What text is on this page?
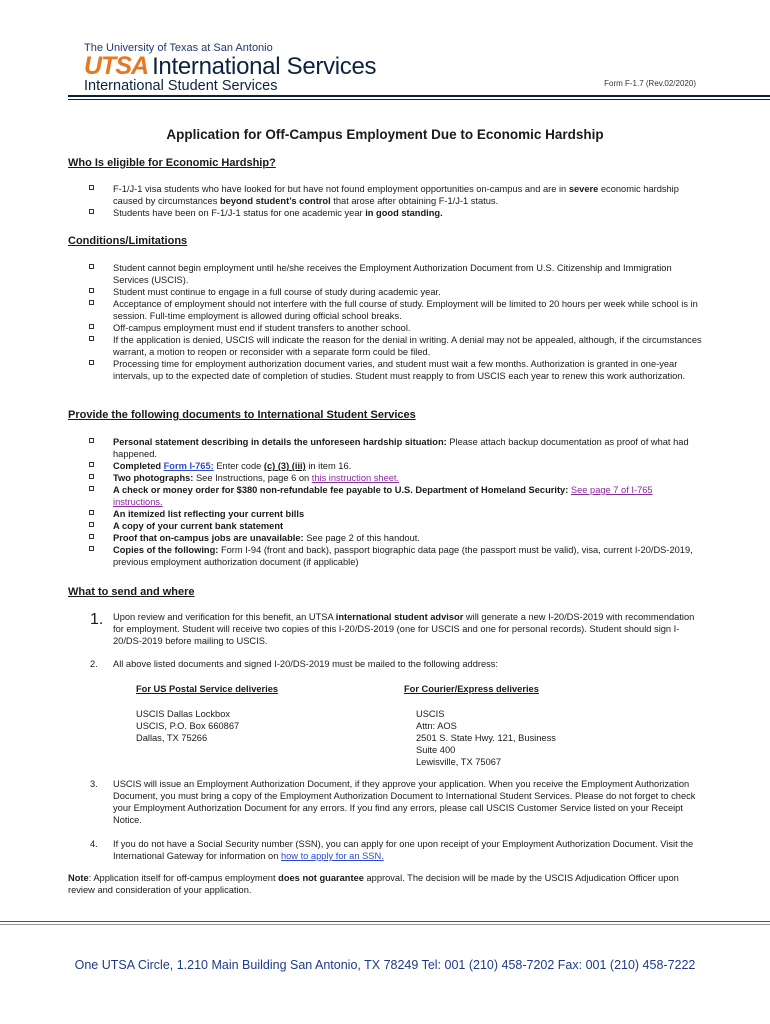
The University of Texas at San Antonio
UTSA International Services
International Student Services	Form F-1.7 (Rev.02/2020)
Application for Off-Campus Employment Due to Economic Hardship
Who Is eligible for Economic Hardship?
F-1/J-1 visa students who have looked for but have not found employment opportunities on-campus and are in severe economic hardship caused by circumstances beyond student’s control that arose after obtaining F-1/J-1 status.
Students have been on F-1/J-1 status for one academic year in good standing.
Conditions/Limitations
Student cannot begin employment until he/she receives the Employment Authorization Document from U.S. Citizenship and Immigration Services (USCIS).
Student must continue to engage in a full course of study during academic year.
Acceptance of employment should not interfere with the full course of study. Employment will be limited to 20 hours per week while school is in session. Full-time employment is allowed during official school breaks.
Off-campus employment must end if student transfers to another school.
If the application is denied, USCIS will indicate the reason for the denial in writing. A denial may not be appealed, although, if the circumstances warrant, a motion to reopen or reconsider with a separate form could be filed.
Processing time for employment authorization document varies, and student must wait a few months. Authorization is granted in one-year intervals, up to the expected date of completion of studies. Student must reapply to from USCIS each year to renew this work authorization.
Provide the following documents to International Student Services
Personal statement describing in details the unforeseen hardship situation: Please attach backup documentation as proof of what had happened.
Completed Form I-765: Enter code (c) (3) (iii) in item 16.
Two photographs: See Instructions, page 6 on this instruction sheet.
A check or money order for $380 non-refundable fee payable to U.S. Department of Homeland Security: See page 7 of I-765 instructions.
An itemized list reflecting your current bills
A copy of your current bank statement
Proof that on-campus jobs are unavailable: See page 2 of this handout.
Copies of the following: Form I-94 (front and back), passport biographic data page (the passport must be valid), visa, current I-20/DS-2019, previous employment authorization document (if applicable)
What to send and where
1. Upon review and verification for this benefit, an UTSA international student advisor will generate a new I-20/DS-2019 with recommendation for employment. Student will receive two copies of this I-20/DS-2019 (one for USCIS and one for personal records). Student should sign I-20/DS-2019 before mailing to USCIS.
2. All above listed documents and signed I-20/DS-2019 must be mailed to the following address:
For US Postal Service deliveries
USCIS Dallas Lockbox
USCIS, P.O. Box 660867
Dallas, TX 75266
For Courier/Express deliveries
USCIS
Attn: AOS
2501 S. State Hwy. 121, Business
Suite 400
Lewisville, TX 75067
3. USCIS will issue an Employment Authorization Document, if they approve your application. When you receive the Employment Authorization Document, you must bring a copy of the Employment Authorization Document to International Student Services. Please do not forget to check your Employment Authorization Document for any errors. If you find any errors, please call USCIS Customer Service listed on your Receipt Notice.
4. If you do not have a Social Security number (SSN), you can apply for one upon receipt of your Employment Authorization Document. Visit the International Gateway for information on how to apply for an SSN.
Note: Application itself for off-campus employment does not guarantee approval. The decision will be made by the USCIS Adjudication Officer upon review and consideration of your application.
One UTSA Circle, 1.210 Main Building San Antonio, TX 78249 Tel: 001 (210) 458-7202 Fax: 001 (210) 458-7222
